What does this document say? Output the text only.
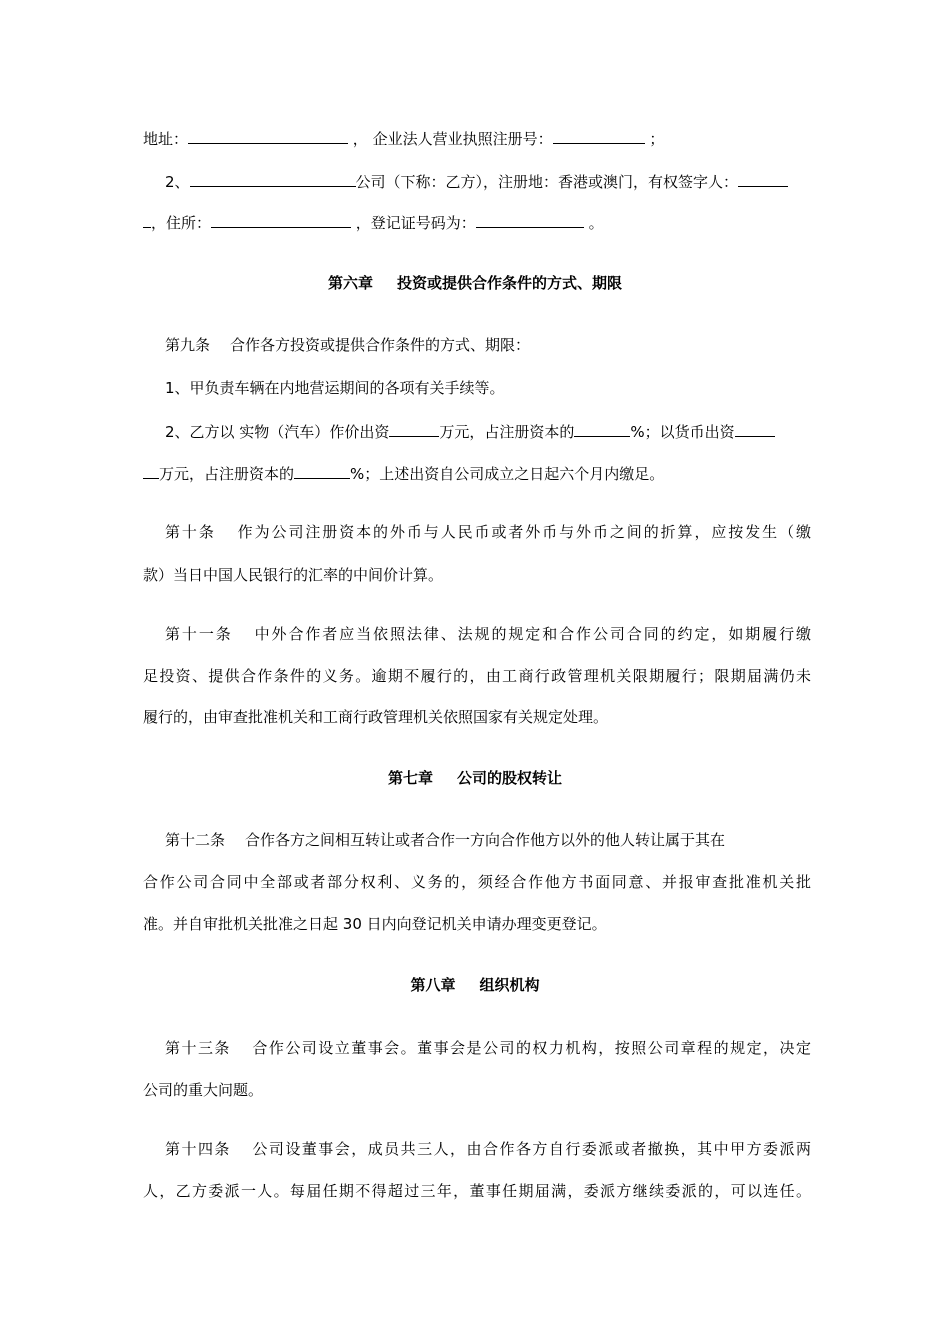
地址：	， 企业法人营业执照注册号：	；
2、	公司（下称：乙方），注册地：香港或澳门，有权签字人：
，住所：	，登记证号码为：	。
第六章 投资或提供合作条件的方式、期限
第九条 合作各方投资或提供合作条件的方式、期限：
1、甲负责车辆在内地营运期间的各项有关手续等。
2、乙方以 实物（汽车）作价出资	万元，占注册资本的	%；以货币出资
万元，占注册资本的	%；上述出资自公司成立之日起六个月内缴足。
第十条 作为公司注册资本的外币与人民币或者外币与外币之间的折算，应按发生（缴
款）当日中国人民银行的汇率的中间价计算。
第十一条 中外合作者应当依照法律、法规的规定和合作公司合同的约定，如期履行缴
足投资、提供合作条件的义务。逾期不履行的，由工商行政管理机关限期履行；限期届满仍未
履行的，由审查批准机关和工商行政管理机关依照国家有关规定处理。
第七章 公司的股权转让
第十二条 合作各方之间相互转让或者合作一方向合作他方以外的他人转让属于其在
合作公司合同中全部或者部分权利、义务的，须经合作他方书面同意、并报审查批准机关批
准。并自审批机关批准之日起 30 日内向登记机关申请办理变更登记。
第八章 组织机构
第十三条 合作公司设立董事会。董事会是公司的权力机构，按照公司章程的规定，决定
公司的重大问题。
第十四条 公司设董事会，成员共三人，由合作各方自行委派或者撤换，其中甲方委派两
人，乙方委派一人。每届任期不得超过三年，董事任期届满，委派方继续委派的，可以连任。
